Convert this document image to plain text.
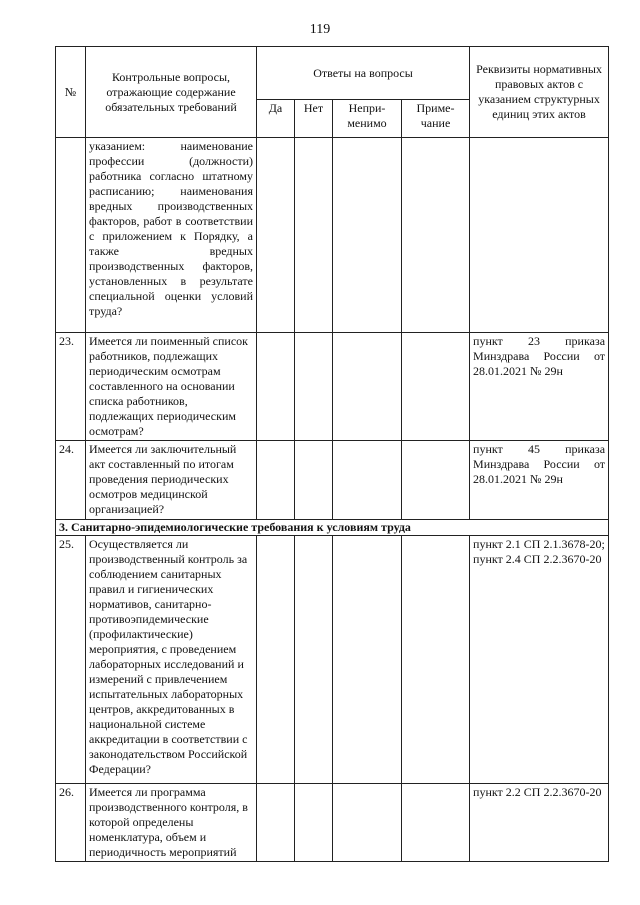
119
№	Контрольные вопросы, отражающие содержание обязательных требований	Ответы на вопросы				Реквизиты нормативных правовых актов с указанием структурных единиц этих актов
		Да	Нет	Непри-менимо	Приме-чание	
	указанием: наименование профессии (должности) работника согласно штатному расписанию; наименования вредных производственных факторов, работ в соответствии с приложением к Порядку, а также вредных производственных факторов, установленных в результате специальной оценки условий труда?					
23.	Имеется ли поименный список работников, подлежащих периодическим осмотрам составленного на основании списка работников, подлежащих периодическим осмотрам?					пункт 23 приказа Минздрава России от 28.01.2021 № 29н
24.	Имеется ли заключительный акт составленный по итогам проведения периодических осмотров медицинской организацией?					пункт 45 приказа Минздрава России от 28.01.2021 № 29н
3. Санитарно-эпидемиологические требования к условиям труда						
25.	Осуществляется ли производственный контроль за соблюдением санитарных правил и гигиенических нормативов, санитарно-противоэпидемические (профилактические) мероприятия, с проведением лабораторных исследований и измерений с привлечением испытательных лабораторных центров, аккредитованных в национальной системе аккредитации в соответствии с законодательством Российской Федерации?					пункт 2.1 СП 2.1.3678-20;
пункт 2.4 СП 2.2.3670-20

26.	Имеется ли программа производственного контроля, в которой определены номенклатура, объем и периодичность мероприятий					пункт 2.2 СП 2.2.3670-20
